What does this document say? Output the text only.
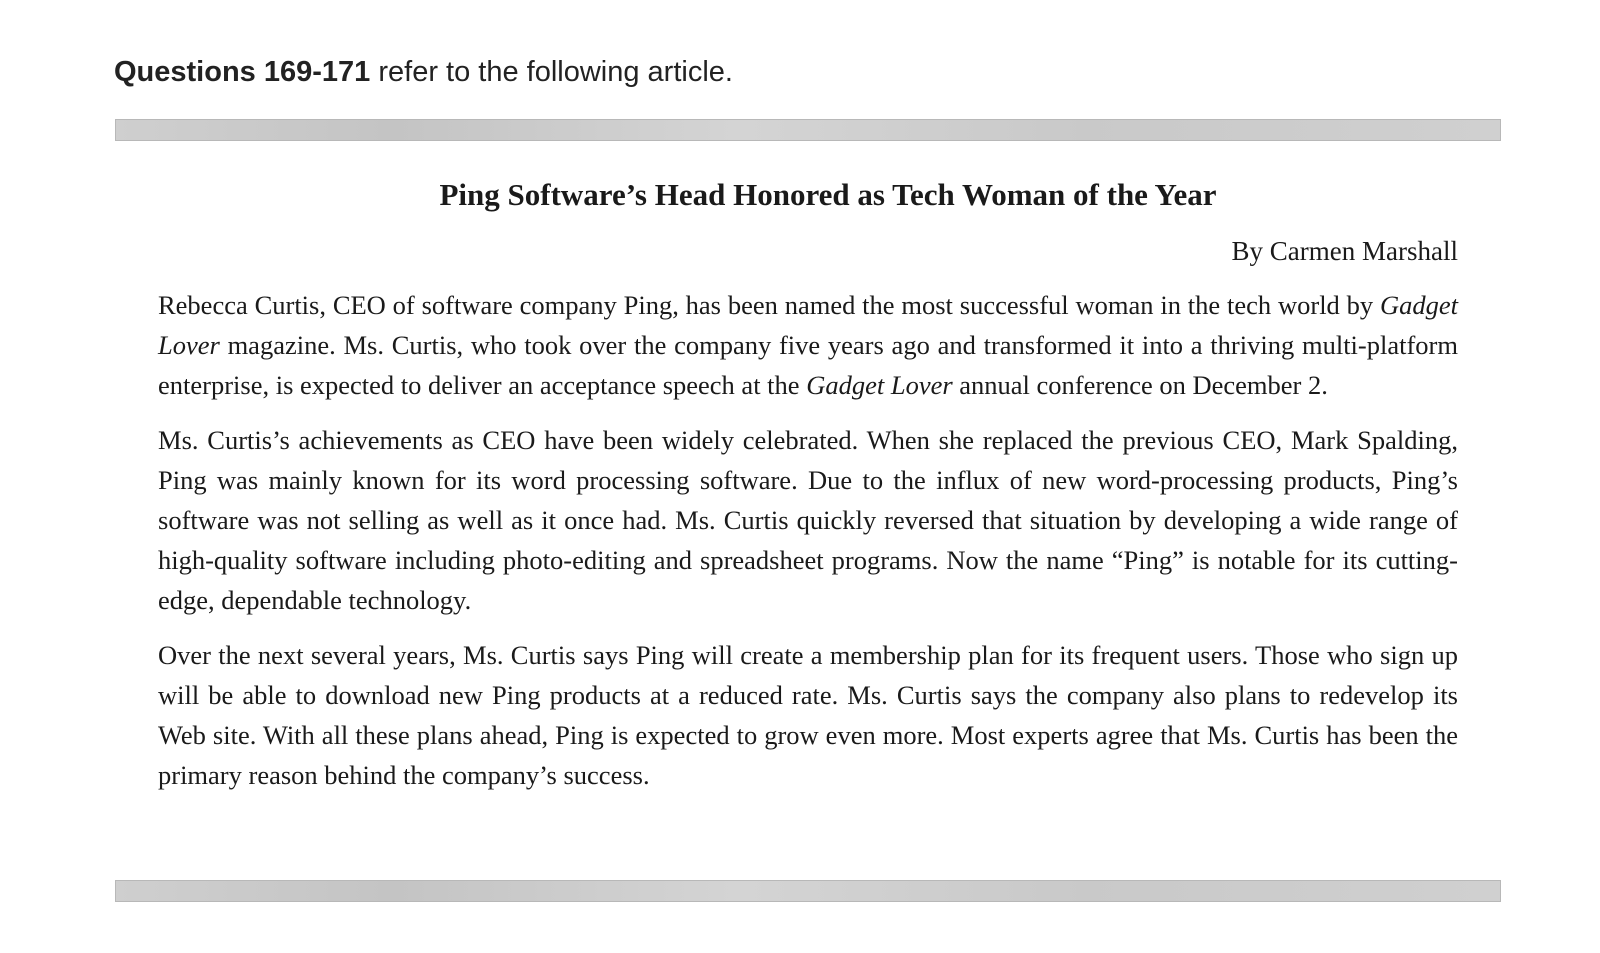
Questions 169-171 refer to the following article.
Ping Software’s Head Honored as Tech Woman of the Year
By Carmen Marshall

Rebecca Curtis, CEO of software company Ping, has been named the most successful woman in the tech world by Gadget Lover magazine. Ms. Curtis, who took over the company five years ago and transformed it into a thriving multi-platform enterprise, is expected to deliver an acceptance speech at the Gadget Lover annual conference on December 2.

Ms. Curtis’s achievements as CEO have been widely celebrated. When she replaced the previous CEO, Mark Spalding, Ping was mainly known for its word processing software. Due to the influx of new word-processing products, Ping’s software was not selling as well as it once had. Ms. Curtis quickly reversed that situation by developing a wide range of high-quality software including photo-editing and spreadsheet programs. Now the name “Ping” is notable for its cutting-edge, dependable technology.

Over the next several years, Ms. Curtis says Ping will create a membership plan for its frequent users. Those who sign up will be able to download new Ping products at a reduced rate. Ms. Curtis says the company also plans to redevelop its Web site. With all these plans ahead, Ping is expected to grow even more. Most experts agree that Ms. Curtis has been the primary reason behind the company’s success.
